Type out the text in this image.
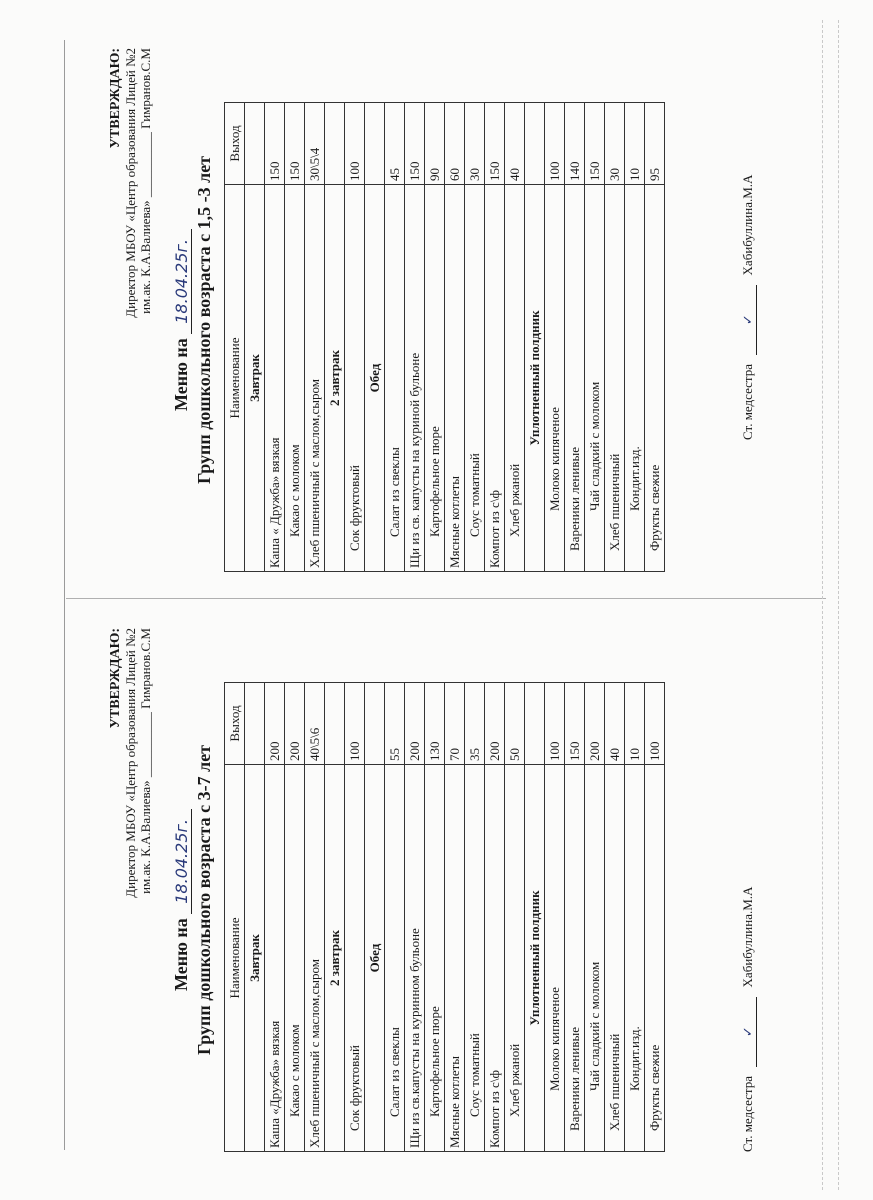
УТВЕРЖДАЮ: Директор МБОУ «Центр образования Лицей №2 им.ак. К.А.Валиева» __________ Гимранов.С.М
Меню на 18.04.25г. Групп дошкольного возраста с 3-7 лет Наименование	Выход
Завтрак	
Каша «Дружба» вязкая	200
Какао с молоком	200
Хлеб пшеничный с маслом,сыром	40\5\6
2 завтрак	
Сок фруктовый	100
Обед	
Салат из свеклы	55
Щи из св.капусты на куринном бульоне	200
Картофельное пюре	130
Мясные котлеты	70
Соус томатный	35
Компот из с\ф	200
Хлеб ржаной	50
Уплотненный полдник	
Молоко кипяченое	100
Вареники ленивые	150
Чай сладкий с молоком	200
Хлеб пшеничный	40
Кондит.изд.	10
Фрукты свежие	100
Ст. медсестра ✓ Хабибуллина.М.А
УТВЕРЖДАЮ: Директор МБОУ «Центр образования Лицей №2 им.ак. К.А.Валиева» __________ Гимранов.С.М
Меню на 18.04.25г. Групп дошкольного возраста с 1,5 -3 лет Наименование	Выход
Завтрак	
Каша « Дружба» вязкая	150
Какао с молоком	150
Хлеб пшеничный с маслом,сыром	30\5\4
2 завтрак	
Сок фруктовый	100
Обед	
Салат из свеклы	45
Щи из св. капусты на куриной бульоне	150
Картофельное пюре	90
Мясные котлеты	60
Соус томатный	30
Компот из с\ф	150
Хлеб ржаной	40
Уплотненный полдник	
Молоко кипяченое	100
Вареники ленивые	140
Чай сладкий с молоком	150
Хлеб пшеничный	30
Кондит.изд.	10
Фрукты свежие	95
Ст. медсестра ✓ Хабибуллина.М.А
